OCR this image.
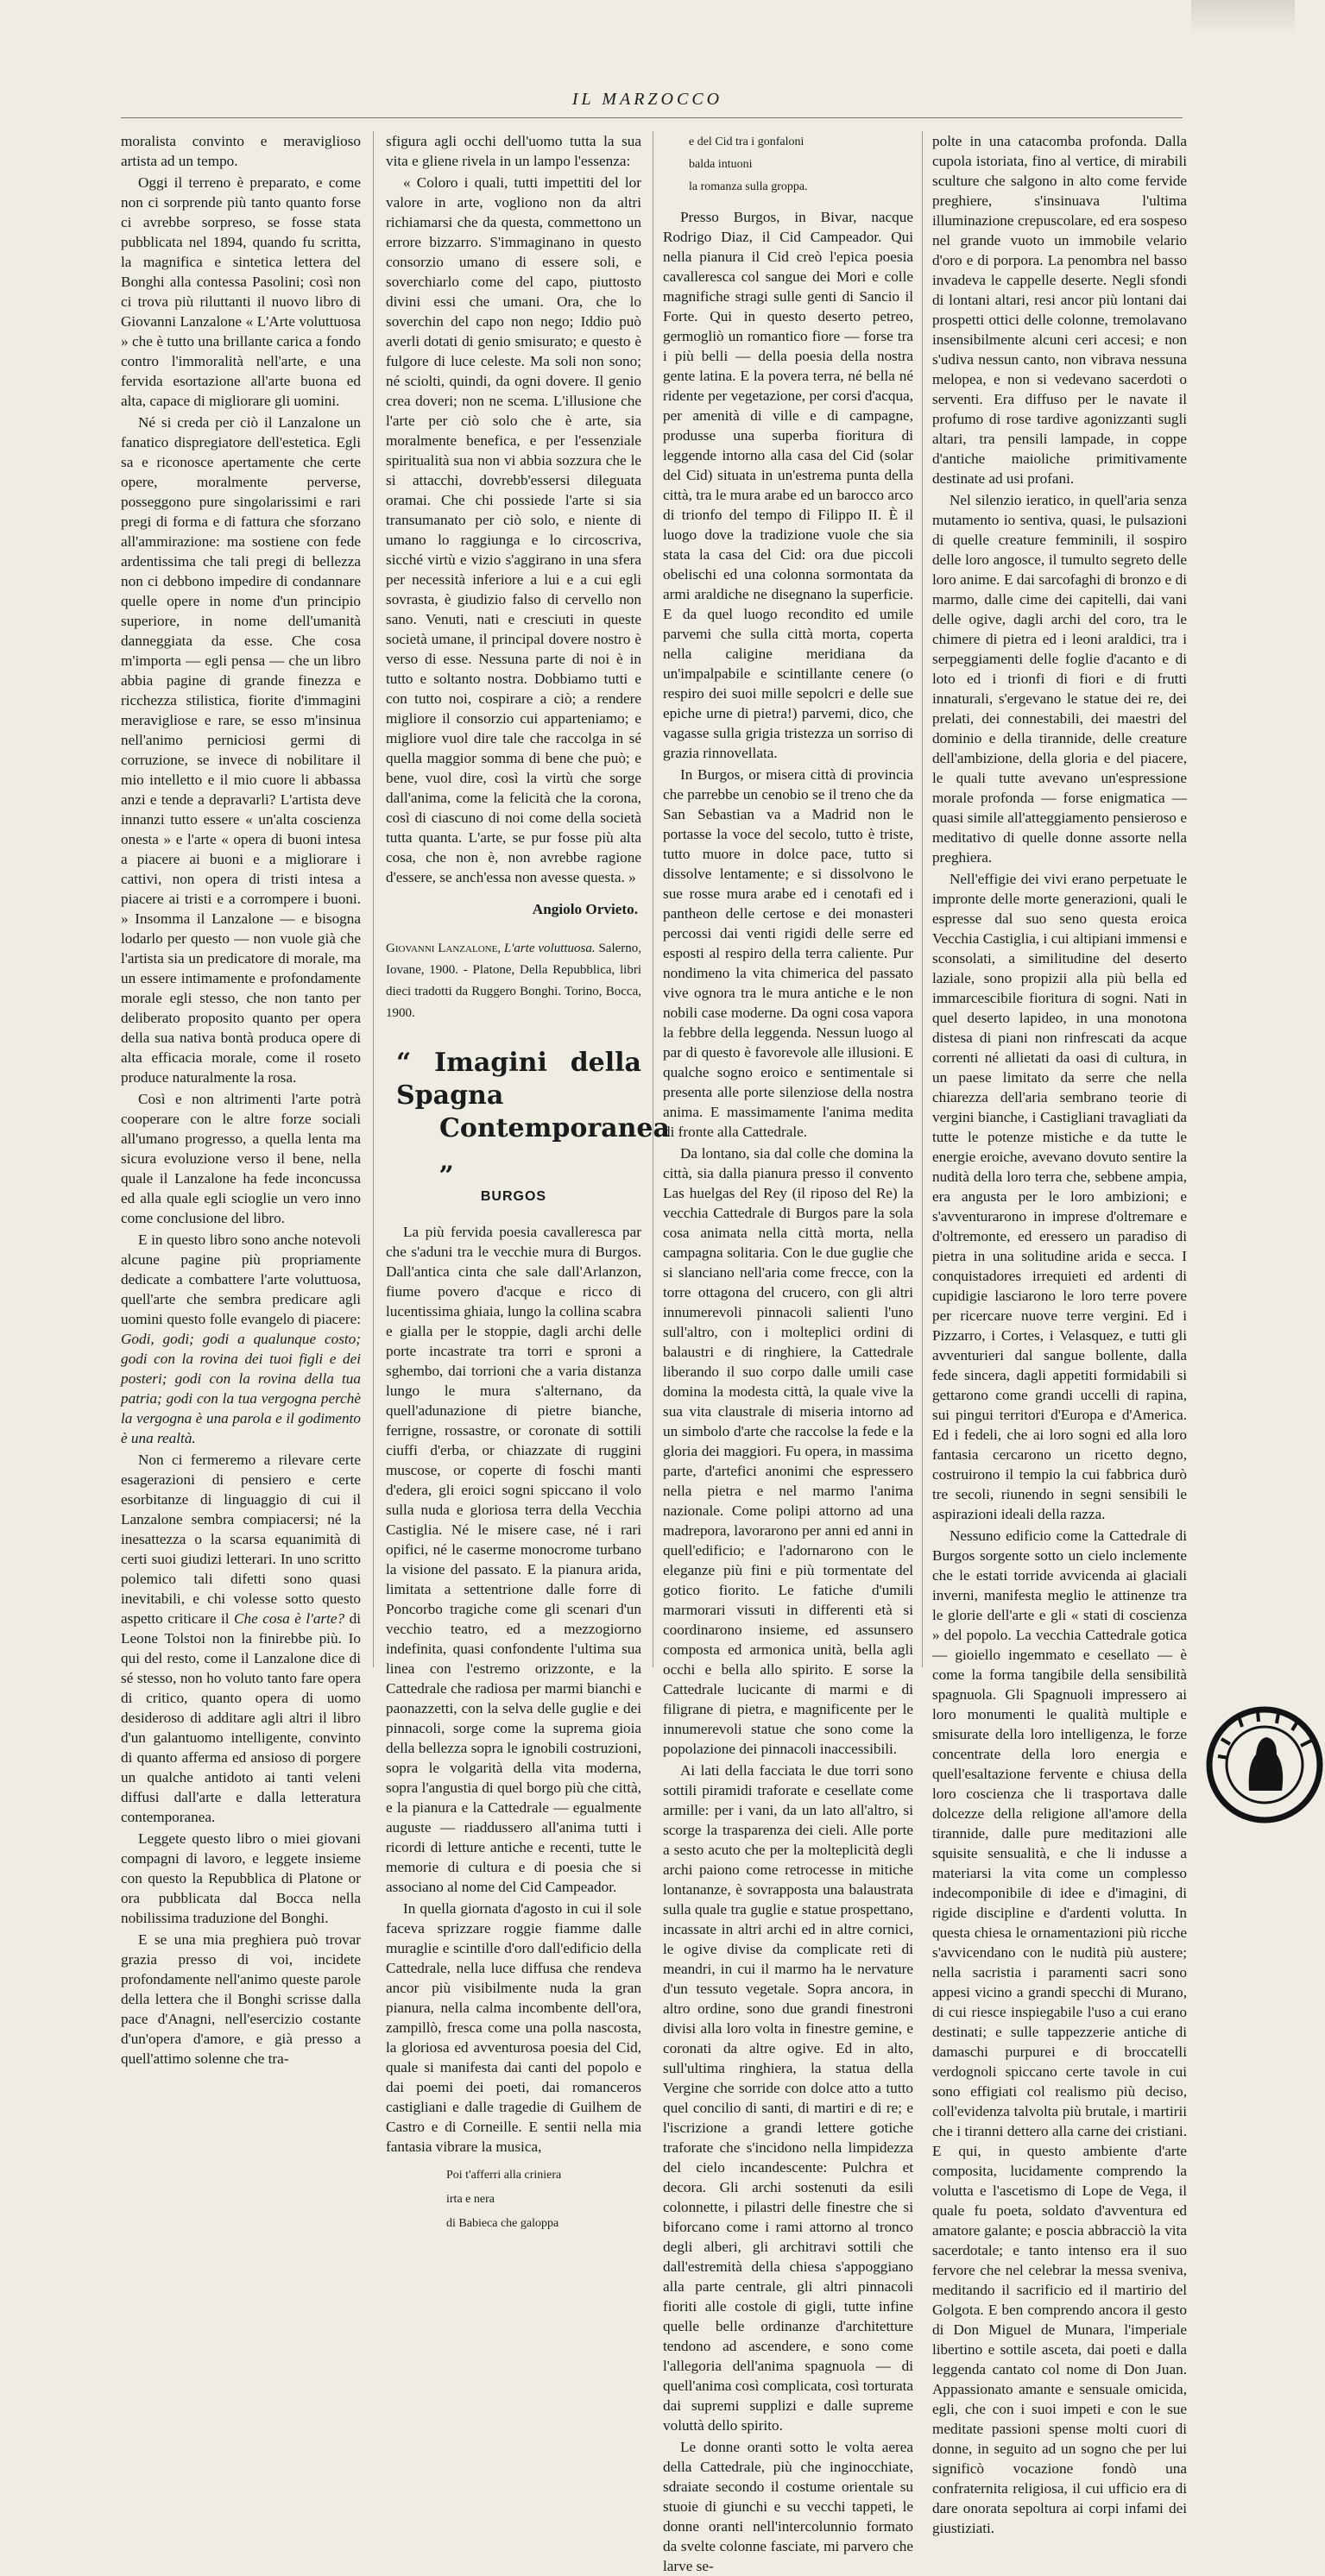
IL MARZOCCO

moralista convinto e meraviglioso artista ad un tempo.

Oggi il terreno è preparato, e come non ci sorprende più tanto quanto forse ci avrebbe sorpreso, se fosse stata pubblicata nel 1894, quando fu scritta, la magnifica e sintetica lettera del Bonghi alla contessa Pasolini; così non ci trova più riluttanti il nuovo libro di Giovanni Lanzalone « L'Arte voluttuosa » che è tutto una brillante carica a fondo contro l'immoralità nell'arte, e una fervida esortazione all'arte buona ed alta, capace di migliorare gli uomini.

Né si creda per ciò il Lanzalone un fanatico dispregiatore dell'estetica. Egli sa e riconosce apertamente che certe opere, moralmente perverse, posseggono pure singolarissimi e rari pregi di forma e di fattura che sforzano all'ammirazione: ma sostiene con fede ardentissima che tali pregi di bellezza non ci debbono impedire di condannare quelle opere in nome d'un principio superiore, in nome dell'umanità danneggiata da esse. Che cosa m'importa — egli pensa — che un libro abbia pagine di grande finezza e ricchezza stilistica, fiorite d'immagini meravigliose e rare, se esso m'insinua nell'animo perniciosi germi di corruzione, se invece di nobilitare il mio intelletto e il mio cuore li abbassa anzi e tende a depravarli? L'artista deve innanzi tutto essere « un'alta coscienza onesta » e l'arte « opera di buoni intesa a piacere ai buoni e a migliorare i cattivi, non opera di tristi intesa a piacere ai tristi e a corrompere i buoni. » Insomma il Lanzalone — e bisogna lodarlo per questo — non vuole già che l'artista sia un predicatore di morale, ma un essere intimamente e profondamente morale egli stesso, che non tanto per deliberato proposito quanto per opera della sua nativa bontà produca opere di alta efficacia morale, come il roseto produce naturalmente la rosa.

Così e non altrimenti l'arte potrà cooperare con le altre forze sociali all'umano progresso, a quella lenta ma sicura evoluzione verso il bene, nella quale il Lanzalone ha fede inconcussa ed alla quale egli scioglie un vero inno come conclusione del libro.

E in questo libro sono anche notevoli alcune pagine più propriamente dedicate a combattere l'arte voluttuosa, quell'arte che sembra predicare agli uomini questo folle evangelo di piacere: Godi, godi; godi a qualunque costo; godi con la rovina dei tuoi figli e dei posteri; godi con la rovina della tua patria; godi con la tua vergogna perchè la vergogna è una parola e il godimento è una realtà.

Non ci fermeremo a rilevare certe esagerazioni di pensiero e certe esorbitanze di linguaggio di cui il Lanzalone sembra compiacersi; né la inesattezza o la scarsa equanimità di certi suoi giudizi letterari. In uno scritto polemico tali difetti sono quasi inevitabili, e chi volesse sotto questo aspetto criticare il Che cosa è l'arte? di Leone Tolstoi non la finirebbe più. Io qui del resto, come il Lanzalone dice di sé stesso, non ho voluto tanto fare opera di critico, quanto opera di uomo desideroso di additare agli altri il libro d'un galantuomo intelligente, convinto di quanto afferma ed ansioso di porgere un qualche antidoto ai tanti veleni diffusi dall'arte e dalla letteratura contemporanea.

Leggete questo libro o miei giovani compagni di lavoro, e leggete insieme con questo la Repubblica di Platone or ora pubblicata dal Bocca nella nobilissima traduzione del Bonghi.

E se una mia preghiera può trovar grazia presso di voi, incidete profondamente nell'animo queste parole della lettera che il Bonghi scrisse dalla pace d'Anagni, nell'esercizio costante d'un'opera d'amore, e già presso a quell'attimo solenne che tra-

sfigura agli occhi dell'uomo tutta la sua vita e gliene rivela in un lampo l'essenza:

« Coloro i quali, tutti impettiti del lor valore in arte, vogliono non da altri richiamarsi che da questa, commettono un errore bizzarro. S'immaginano in questo consorzio umano di essere soli, e soverchiarlo come del capo, piuttosto divini essi che umani. Ora, che lo soverchin del capo non nego; Iddio può averli dotati di genio smisurato; e questo è fulgore di luce celeste. Ma soli non sono; né sciolti, quindi, da ogni dovere. Il genio crea doveri; non ne scema. L'illusione che l'arte per ciò solo che è arte, sia moralmente benefica, e per l'essenziale spiritualità sua non vi abbia sozzura che le si attacchi, dovrebb'essersi dileguata oramai. Che chi possiede l'arte si sia transumanato per ciò solo, e niente di umano lo raggiunga e lo circoscriva, sicché virtù e vizio s'aggirano in una sfera per necessità inferiore a lui e a cui egli sovrasta, è giudizio falso di cervello non sano. Venuti, nati e cresciuti in queste società umane, il principal dovere nostro è verso di esse. Nessuna parte di noi è in tutto e soltanto nostra. Dobbiamo tutti e con tutto noi, cospirare a ciò; a rendere migliore il consorzio cui apparteniamo; e migliore vuol dire tale che raccolga in sé quella maggior somma di bene che può; e bene, vuol dire, così la virtù che sorge dall'anima, come la felicità che la corona, così di ciascuno di noi come della società tutta quanta. L'arte, se pur fosse più alta cosa, che non è, non avrebbe ragione d'essere, se anch'essa non avesse questa. »

Angiolo Orvieto.

Giovanni Lanzalone, L'arte voluttuosa. Salerno, Iovane, 1900. - Platone, Della Repubblica, libri dieci tradotti da Ruggero Bonghi. Torino, Bocca, 1900.

“ Imagini della Spagna
Contemporanea „
BURGOS

La più fervida poesia cavalleresca par che s'aduni tra le vecchie mura di Burgos. Dall'antica cinta che sale dall'Arlanzon, fiume povero d'acque e ricco di lucentissima ghiaia, lungo la collina scabra e gialla per le stoppie, dagli archi delle porte incastrate tra torri e sproni a sghembo, dai torrioni che a varia distanza lungo le mura s'alternano, da quell'adunazione di pietre bianche, ferrigne, rossastre, or coronate di sottili ciuffi d'erba, or chiazzate di ruggini muscose, or coperte di foschi manti d'edera, gli eroici sogni spiccano il volo sulla nuda e gloriosa terra della Vecchia Castiglia. Né le misere case, né i rari opifici, né le caserme monocrome turbano la visione del passato. E la pianura arida, limitata a settentrione dalle forre di Poncorbo tragiche come gli scenari d'un vecchio teatro, ed a mezzogiorno indefinita, quasi confondente l'ultima sua linea con l'estremo orizzonte, e la Cattedrale che radiosa per marmi bianchi e paonazzetti, con la selva delle guglie e dei pinnacoli, sorge come la suprema gioia della bellezza sopra le ignobili costruzioni, sopra le volgarità della vita moderna, sopra l'angustia di quel borgo più che città, e la pianura e la Cattedrale — egualmente auguste — riaddussero all'anima tutti i ricordi di letture antiche e recenti, tutte le memorie di cultura e di poesia che si associano al nome del Cid Campeador.

In quella giornata d'agosto in cui il sole faceva sprizzare roggie fiamme dalle muraglie e scintille d'oro dall'edificio della Cattedrale, nella luce diffusa che rendeva ancor più visibilmente nuda la gran pianura, nella calma incombente dell'ora, zampillò, fresca come una polla nascosta, la gloriosa ed avventurosa poesia del Cid, quale si manifesta dai canti del popolo e dai poemi dei poeti, dai romanceros castigliani e dalle tragedie di Guilhem de Castro e di Corneille. E sentii nella mia fantasia vibrare la musica,

Poi t'afferri alla criniera
irta e nera
di Babieca che galoppa
e del Cid tra i gonfaloni
balda intuoni
la romanza sulla groppa.

Presso Burgos, in Bivar, nacque Rodrigo Diaz, il Cid Campeador. Qui nella pianura il Cid creò l'epica poesia cavalleresca col sangue dei Mori e colle magnifiche stragi sulle genti di Sancio il Forte. Qui in questo deserto petreo, germogliò un romantico fiore — forse tra i più belli — della poesia della nostra gente latina. E la povera terra, né bella né ridente per vegetazione, per corsi d'acqua, per amenità di ville e di campagne, produsse una superba fioritura di leggende intorno alla casa del Cid (solar del Cid) situata in un'estrema punta della città, tra le mura arabe ed un barocco arco di trionfo del tempo di Filippo II. È il luogo dove la tradizione vuole che sia stata la casa del Cid: ora due piccoli obelischi ed una colonna sormontata da armi araldiche ne disegnano la superficie. E da quel luogo recondito ed umile parvemi che sulla città morta, coperta nella caligine meridiana da un'impalpabile e scintillante cenere (o respiro dei suoi mille sepolcri e delle sue epiche urne di pietra!) parvemi, dico, che vagasse sulla grigia tristezza un sorriso di grazia rinnovellata.

In Burgos, or misera città di provincia che parrebbe un cenobio se il treno che da San Sebastian va a Madrid non le portasse la voce del secolo, tutto è triste, tutto muore in dolce pace, tutto si dissolve lentamente; e si dissolvono le sue rosse mura arabe ed i cenotafi ed i pantheon delle certose e dei monasteri percossi dai venti rigidi delle serre ed esposti al respiro della terra caliente. Pur nondimeno la vita chimerica del passato vive ognora tra le mura antiche e le non nobili case moderne. Da ogni cosa vapora la febbre della leggenda. Nessun luogo al par di questo è favorevole alle illusioni. E qualche sogno eroico e sentimentale si presenta alle porte silenziose della nostra anima. E massimamente l'anima medita di fronte alla Cattedrale.

Da lontano, sia dal colle che domina la città, sia dalla pianura presso il convento Las huelgas del Rey (il riposo del Re) la vecchia Cattedrale di Burgos pare la sola cosa animata nella città morta, nella campagna solitaria. Con le due guglie che si slanciano nell'aria come frecce, con la torre ottagona del crucero, con gli altri innumerevoli pinnacoli salienti l'uno sull'altro, con i molteplici ordini di balaustri e di ringhiere, la Cattedrale liberando il suo corpo dalle umili case domina la modesta città, la quale vive la sua vita claustrale di miseria intorno ad un simbolo d'arte che raccolse la fede e la gloria dei maggiori. Fu opera, in massima parte, d'artefici anonimi che espressero nella pietra e nel marmo l'anima nazionale. Come polipi attorno ad una madrepora, lavorarono per anni ed anni in quell'edificio; e l'adornarono con le eleganze più fini e più tormentate del gotico fiorito. Le fatiche d'umili marmorari vissuti in differenti età si coordinarono insieme, ed assunsero composta ed armonica unità, bella agli occhi e bella allo spirito. E sorse la Cattedrale lucicante di marmi e di filigrane di pietra, e magnificente per le innumerevoli statue che sono come la popolazione dei pinnacoli inaccessibili.

Ai lati della facciata le due torri sono sottili piramidi traforate e cesellate come armille: per i vani, da un lato all'altro, si scorge la trasparenza dei cieli. Alle porte a sesto acuto che per la molteplicità degli archi paiono come retrocesse in mitiche lontananze, è sovrapposta una balaustrata sulla quale tra guglie e statue prospettano, incassate in altri archi ed in altre cornici, le ogive divise da complicate reti di meandri, in cui il marmo ha le nervature d'un tessuto vegetale. Sopra ancora, in altro ordine, sono due grandi finestroni divisi alla loro volta in finestre gemine, e coronati da altre ogive. Ed in alto, sull'ultima ringhiera, la statua della Vergine che sorride con dolce atto a tutto quel concilio di santi, di martiri e di re; e l'iscrizione a grandi lettere gotiche traforate che s'incidono nella limpidezza del cielo incandescente: Pulchra et decora. Gli archi sostenuti da esili colonnette, i pilastri delle finestre che si biforcano come i rami attorno al tronco degli alberi, gli architravi sottili che dall'estremità della chiesa s'appoggiano alla parte centrale, gli altri pinnacoli fioriti alle costole di gigli, tutte infine quelle belle ordinanze d'architetture tendono ad ascendere, e sono come l'allegoria dell'anima spagnuola — di quell'anima così complicata, così torturata dai supremi supplizi e dalle supreme voluttà dello spirito.

Le donne oranti sotto le volta aerea della Cattedrale, più che inginocchiate, sdraiate secondo il costume orientale su stuoie di giunchi e su vecchi tappeti, le donne oranti nell'intercolunnio formato da svelte colonne fasciate, mi parvero che larve se-

polte in una catacomba profonda. Dalla cupola istoriata, fino al vertice, di mirabili sculture che salgono in alto come fervide preghiere, s'insinuava l'ultima illuminazione crepuscolare, ed era sospeso nel grande vuoto un immobile velario d'oro e di porpora. La penombra nel basso invadeva le cappelle deserte. Negli sfondi di lontani altari, resi ancor più lontani dai prospetti ottici delle colonne, tremolavano insensibilmente alcuni ceri accesi; e non s'udiva nessun canto, non vibrava nessuna melopea, e non si vedevano sacerdoti o serventi. Era diffuso per le navate il profumo di rose tardive agonizzanti sugli altari, tra pensili lampade, in coppe d'antiche maioliche primitivamente destinate ad usi profani.

Nel silenzio ieratico, in quell'aria senza mutamento io sentiva, quasi, le pulsazioni di quelle creature femminili, il sospiro delle loro angosce, il tumulto segreto delle loro anime. E dai sarcofaghi di bronzo e di marmo, dalle cime dei capitelli, dai vani delle ogive, dagli archi del coro, tra le chimere di pietra ed i leoni araldici, tra i serpeggiamenti delle foglie d'acanto e di loto ed i trionfi di fiori e di frutti innaturali, s'ergevano le statue dei re, dei prelati, dei connestabili, dei maestri del dominio e della tirannide, delle creature dell'ambizione, della gloria e del piacere, le quali tutte avevano un'espressione morale profonda — forse enigmatica — quasi simile all'atteggiamento pensieroso e meditativo di quelle donne assorte nella preghiera.

Nell'effigie dei vivi erano perpetuate le impronte delle morte generazioni, quali le espresse dal suo seno questa eroica Vecchia Castiglia, i cui altipiani immensi e sconsolati, a similitudine del deserto laziale, sono propizii alla più bella ed immarcescibile fioritura di sogni. Nati in quel deserto lapideo, in una monotona distesa di piani non rinfrescati da acque correnti né allietati da oasi di cultura, in un paese limitato da serre che nella chiarezza dell'aria sembrano teorie di vergini bianche, i Castigliani travagliati da tutte le potenze mistiche e da tutte le energie eroiche, avevano dovuto sentire la nudità della loro terra che, sebbene ampia, era angusta per le loro ambizioni; e s'avventurarono in imprese d'oltremare e d'oltremonte, ed eressero un paradiso di pietra in una solitudine arida e secca. I conquistadores irrequieti ed ardenti di cupidigie lasciarono le loro terre povere per ricercare nuove terre vergini. Ed i Pizzarro, i Cortes, i Velasquez, e tutti gli avventurieri dal sangue bollente, dalla fede sincera, dagli appetiti formidabili si gettarono come grandi uccelli di rapina, sui pingui territori d'Europa e d'America. Ed i fedeli, che ai loro sogni ed alla loro fantasia cercarono un ricetto degno, costruirono il tempio la cui fabbrica durò tre secoli, riunendo in segni sensibili le aspirazioni ideali della razza.

Nessuno edificio come la Cattedrale di Burgos sorgente sotto un cielo inclemente che le estati torride avvicenda ai glaciali inverni, manifesta meglio le attinenze tra le glorie dell'arte e gli « stati di coscienza » del popolo. La vecchia Cattedrale gotica — gioiello ingemmato e cesellato — è come la forma tangibile della sensibilità spagnuola. Gli Spagnuoli impressero ai loro monumenti le qualità multiple e smisurate della loro intelligenza, le forze concentrate della loro energia e quell'esaltazione fervente e chiusa della loro coscienza che li trasportava dalle dolcezze della religione all'amore della tirannide, dalle pure meditazioni alle squisite sensualità, e che li indusse a materiarsi la vita come un complesso indecomponibile di idee e d'imagini, di rigide discipline e d'ardenti volutta. In questa chiesa le ornamentazioni più ricche s'avvicendano con le nudità più austere; nella sacristia i paramenti sacri sono appesi vicino a grandi specchi di Murano, di cui riesce inspiegabile l'uso a cui erano destinati; e sulle tappezzerie antiche di damaschi purpurei e di broccatelli verdognoli spiccano certe tavole in cui sono effigiati col realismo più deciso, coll'evidenza talvolta più brutale, i martirii che i tiranni dettero alla carne dei cristiani. E qui, in questo ambiente d'arte composita, lucidamente comprendo la volutta e l'ascetismo di Lope de Vega, il quale fu poeta, soldato d'avventura ed amatore galante; e poscia abbracciò la vita sacerdotale; e tanto intenso era il suo fervore che nel celebrar la messa sveniva, meditando il sacrificio ed il martirio del Golgota. E ben comprendo ancora il gesto di Don Miguel de Munara, l'imperiale libertino e sottile asceta, dai poeti e dalla leggenda cantato col nome di Don Juan. Appassionato amante e sensuale omicida, egli, che con i suoi impeti e con le sue meditate passioni spense molti cuori di donne, in seguito ad un sogno che per lui significò vocazione fondò una confraternita religiosa, il cui ufficio era di dare onorata sepoltura ai corpi infami dei giustiziati.
